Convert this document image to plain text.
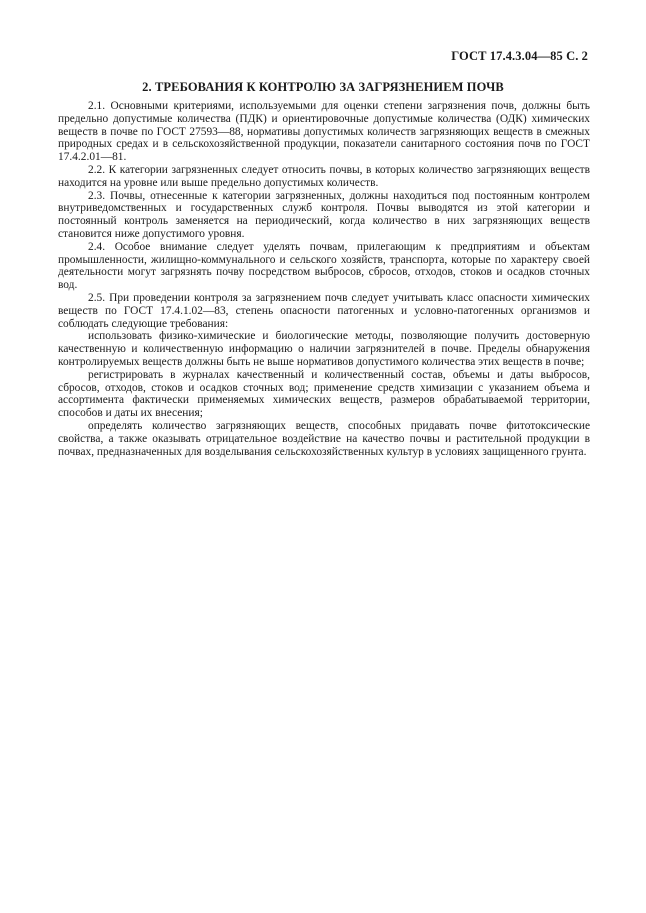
ГОСТ 17.4.3.04—85 С. 2
2. ТРЕБОВАНИЯ К КОНТРОЛЮ ЗА ЗАГРЯЗНЕНИЕМ ПОЧВ

2.1. Основными критериями, используемыми для оценки степени загрязнения почв, должны быть предельно допустимые количества (ПДК) и ориентировочные допустимые количества (ОДК) химических веществ в почве по ГОСТ 27593—88, нормативы допустимых количеств загрязняющих веществ в смежных природных средах и в сельскохозяйственной продукции, показатели санитарного состояния почв по ГОСТ 17.4.2.01—81.

2.2. К категории загрязненных следует относить почвы, в которых количество загрязняющих веществ находится на уровне или выше предельно допустимых количеств.

2.3. Почвы, отнесенные к категории загрязненных, должны находиться под постоянным контролем внутриведомственных и государственных служб контроля. Почвы выводятся из этой категории и постоянный контроль заменяется на периодический, когда количество в них загрязняющих веществ становится ниже допустимого уровня.

2.4. Особое внимание следует уделять почвам, прилегающим к предприятиям и объектам промышленности, жилищно-коммунального и сельского хозяйств, транспорта, которые по характеру своей деятельности могут загрязнять почву посредством выбросов, сбросов, отходов, стоков и осадков сточных вод.

2.5. При проведении контроля за загрязнением почв следует учитывать класс опасности химических веществ по ГОСТ 17.4.1.02—83, степень опасности патогенных и условно-патогенных организмов и соблюдать следующие требования:

использовать физико-химические и биологические методы, позволяющие получить достоверную качественную и количественную информацию о наличии загрязнителей в почве. Пределы обнаружения контролируемых веществ должны быть не выше нормативов допустимого количества этих веществ в почве;

регистрировать в журналах качественный и количественный состав, объемы и даты выбросов, сбросов, отходов, стоков и осадков сточных вод; применение средств химизации с указанием объема и ассортимента фактически применяемых химических веществ, размеров обрабатываемой территории, способов и даты их внесения;

определять количество загрязняющих веществ, способных придавать почве фитотоксические свойства, а также оказывать отрицательное воздействие на качество почвы и растительной продукции в почвах, предназначенных для возделывания сельскохозяйственных культур в условиях защищенного грунта.
